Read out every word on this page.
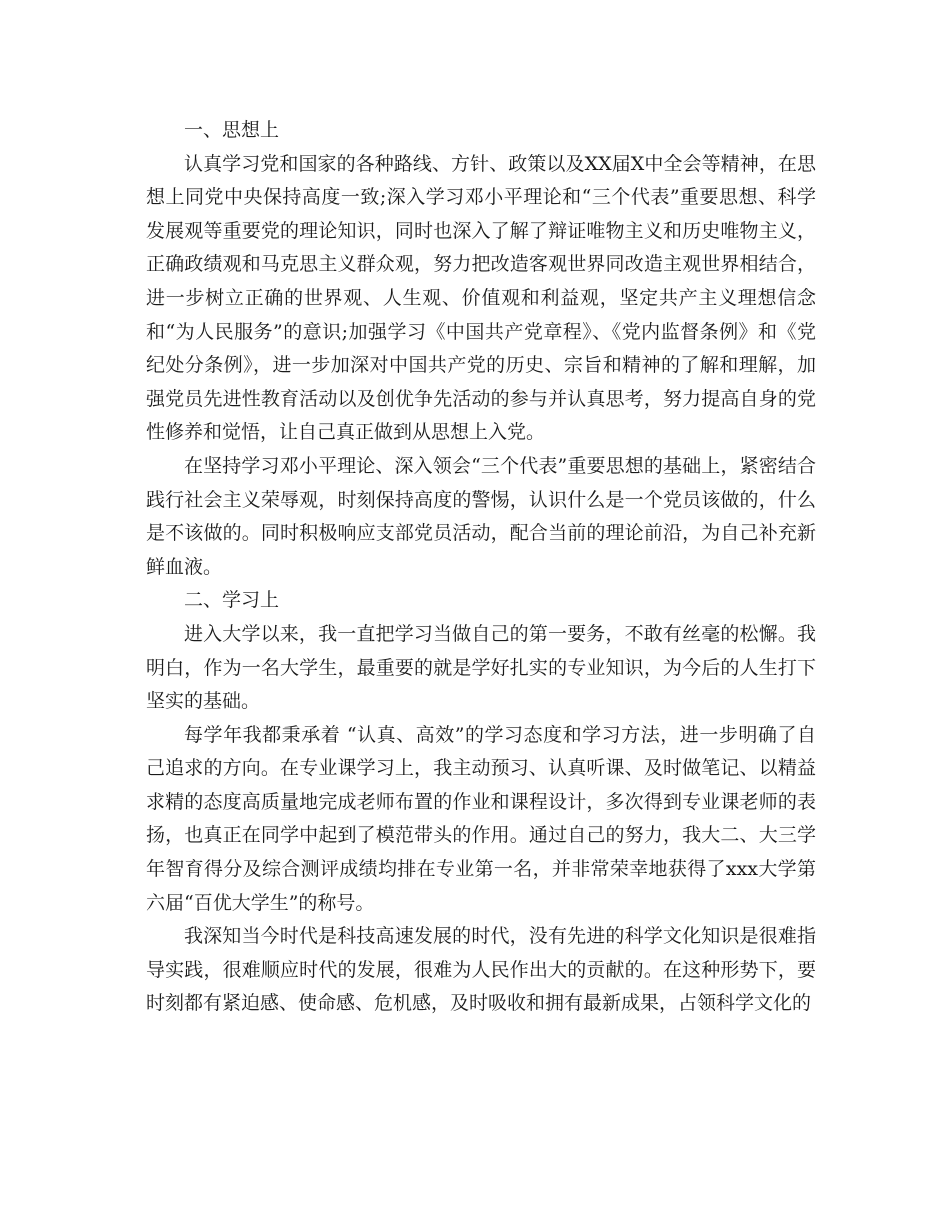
一、思想上

认真学习党和国家的各种路线、方针、政策以及XX届X中全会等精神，在思想上同党中央保持高度一致;深入学习邓小平理论和“三个代表”重要思想、科学发展观等重要党的理论知识，同时也深入了解了辩证唯物主义和历史唯物主义，正确政绩观和马克思主义群众观，努力把改造客观世界同改造主观世界相结合，进一步树立正确的世界观、人生观、价值观和利益观，坚定共产主义理想信念和“为人民服务”的意识;加强学习《中国共产党章程》、《党内监督条例》和《党纪处分条例》，进一步加深对中国共产党的历史、宗旨和精神的了解和理解，加强党员先进性教育活动以及创优争先活动的参与并认真思考，努力提高自身的党性修养和觉悟，让自己真正做到从思想上入党。

在坚持学习邓小平理论、深入领会“三个代表”重要思想的基础上，紧密结合践行社会主义荣辱观，时刻保持高度的警惕，认识什么是一个党员该做的，什么是不该做的。同时积极响应支部党员活动，配合当前的理论前沿，为自己补充新鲜血液。

二、学习上

进入大学以来，我一直把学习当做自己的第一要务，不敢有丝毫的松懈。我明白，作为一名大学生，最重要的就是学好扎实的专业知识，为今后的人生打下坚实的基础。

每学年我都秉承着 “认真、高效”的学习态度和学习方法，进一步明确了自己追求的方向。在专业课学习上，我主动预习、认真听课、及时做笔记、以精益求精的态度高质量地完成老师布置的作业和课程设计，多次得到专业课老师的表扬，也真正在同学中起到了模范带头的作用。通过自己的努力，我大二、大三学年智育得分及综合测评成绩均排在专业第一名，并非常荣幸地获得了xxx大学第六届“百优大学生”的称号。

我深知当今时代是科技高速发展的时代，没有先进的科学文化知识是很难指导实践，很难顺应时代的发展，很难为人民作出大的贡献的。在这种形势下，要时刻都有紧迫感、使命感、危机感，及时吸收和拥有最新成果，占领科学文化的
